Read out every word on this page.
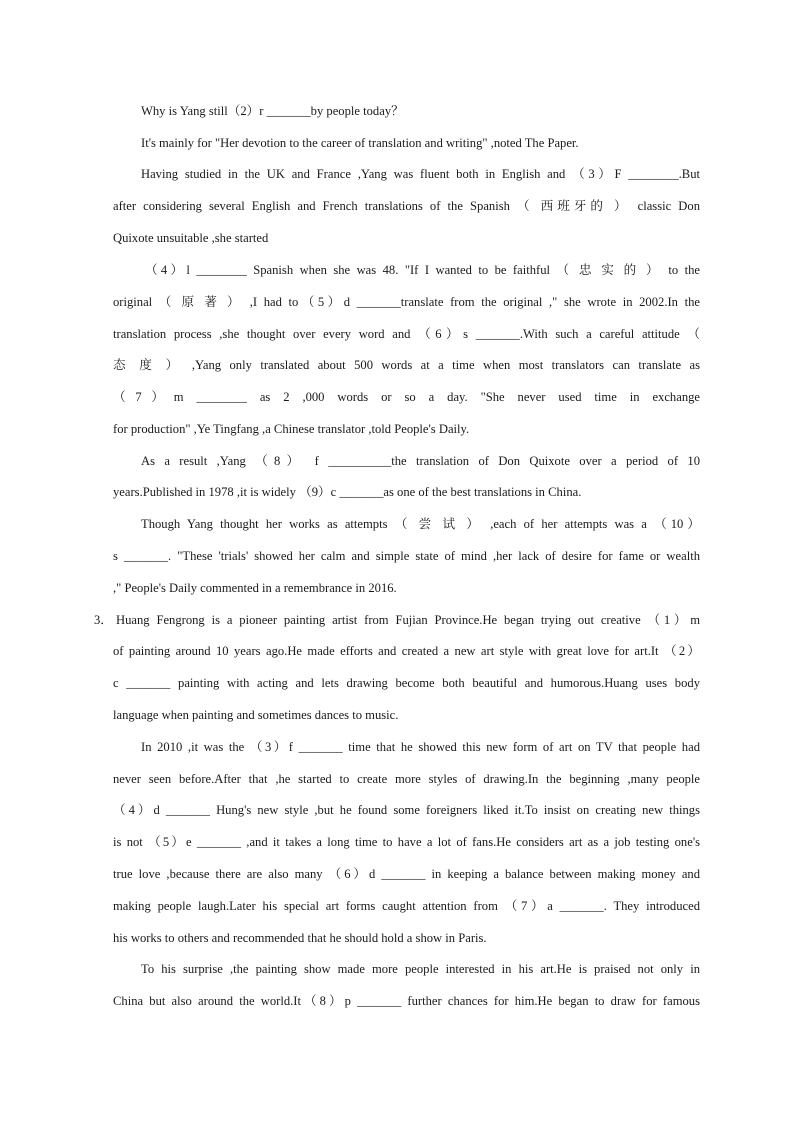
Why is Yang still（2）r _______by people today？
It's mainly for "Her devotion to the career of translation and writing" ,noted The Paper.
Having studied in the UK and France ,Yang was fluent both in English and （3）F ________.But
after considering several English and French translations of the Spanish （ 西班牙的 ） classic Don
Quixote unsuitable ,she started
（4）l ________ Spanish when she was 48. "If I wanted to be faithful （ 忠 实 的 ） to the
original （ 原 著 ） ,I had to（5）d _______translate from the original ," she wrote in 2002.In the
translation process ,she thought over every word and （6）s _______.With such a careful attitude （
态 度 ） ,Yang only translated about 500 words at a time when most translators can translate as
（7）m ________ as 2 ,000 words or so a day. "She never used time in exchange
for production" ,Ye Tingfang ,a Chinese translator ,told People's Daily.
As a result ,Yang （8） f __________the translation of Don Quixote over a period of 10
years.Published in 1978 ,it is widely （9）c _______as one of the best translations in China.
Though Yang thought her works as attempts （ 尝 试 ） ,each of her attempts was a （10）
s _______. "These 'trials' showed her calm and simple state of mind ,her lack of desire for fame or wealth
," People's Daily commented in a remembrance in 2016.
3． Huang Fengrong is a pioneer painting artist from Fujian Province.He began trying out creative （1）m
of painting around 10 years ago.He made efforts and created a new art style with great love for art.It （2）
c _______ painting with acting and lets drawing become both beautiful and humorous.Huang uses body
language when painting and sometimes dances to music.
In 2010 ,it was the （3）f _______ time that he showed this new form of art on TV that people had
never seen before.After that ,he started to create more styles of drawing.In the beginning ,many people
（4）d _______ Hung's new style ,but he found some foreigners liked it.To insist on creating new things
is not （5）e _______ ,and it takes a long time to have a lot of fans.He considers art as a job testing one's
true love ,because there are also many （6）d _______ in keeping a balance between making money and
making people laugh.Later his special art forms caught attention from （7）a _______. They introduced
his works to others and recommended that he should hold a show in Paris.
To his surprise ,the painting show made more people interested in his art.He is praised not only in
China but also around the world.It（8）p _______ further chances for him.He began to draw for famous
